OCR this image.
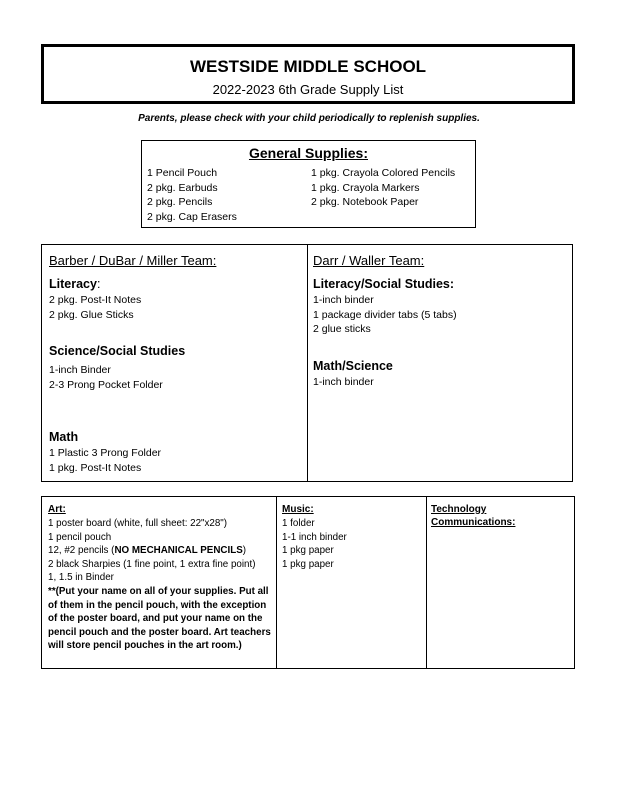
WESTSIDE MIDDLE SCHOOL
2022-2023 6th Grade Supply List
Parents, please check with your child periodically to replenish supplies.
General Supplies:
1 Pencil Pouch
2 pkg. Earbuds
2 pkg. Pencils
2 pkg. Cap Erasers
1 pkg. Crayola Colored Pencils
1 pkg. Crayola Markers
2 pkg. Notebook Paper
Barber / DuBar / Miller Team:
Literacy:
2 pkg. Post-It Notes
2 pkg. Glue Sticks
Science/Social Studies
1-inch Binder
2-3 Prong Pocket Folder
Math
1 Plastic 3 Prong Folder
1 pkg. Post-It Notes
Darr / Waller Team:
Literacy/Social Studies:
1-inch binder
1 package divider tabs (5 tabs)
2 glue sticks
Math/Science
1-inch binder
Art:
1 poster board (white, full sheet: 22"x28")
1 pencil pouch
12, #2 pencils (NO MECHANICAL PENCILS)
2 black Sharpies (1 fine point, 1 extra fine point)
1, 1.5 in Binder
**(Put your name on all of your supplies. Put all of them in the pencil pouch, with the exception of the poster board, and put your name on the pencil pouch and the poster board. Art teachers will store pencil pouches in the art room.)
Music:
1 folder
1-1 inch binder
1 pkg paper
1 pkg paper
Technology
Communications:
